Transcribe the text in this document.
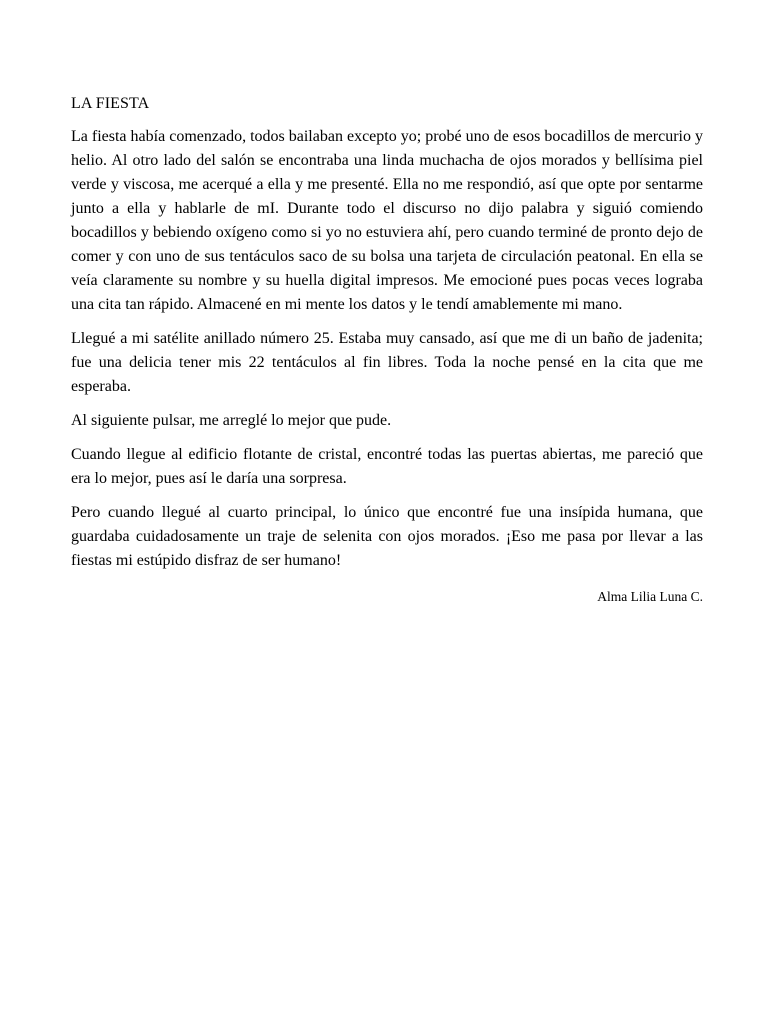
LA FIESTA

La fiesta había comenzado, todos bailaban excepto yo; probé uno de esos bocadillos de mercurio y helio. Al otro lado del salón se encontraba una linda muchacha de ojos morados y bellísima piel verde y viscosa, me acerqué a ella y me presenté. Ella no me respondió, así que opte por sentarme junto a ella y hablarle de mI. Durante todo el discurso no dijo palabra y siguió comiendo bocadillos y bebiendo oxígeno como si yo no estuviera ahí, pero cuando terminé de pronto dejo de comer y con uno de sus tentáculos saco de su bolsa una tarjeta de circulación peatonal. En ella se veía claramente su nombre y su huella digital impresos. Me emocioné pues pocas veces lograba una cita tan rápido. Almacené en mi mente los datos y le tendí amablemente mi mano.

Llegué a mi satélite anillado número 25. Estaba muy cansado, así que me di un baño de jadenita; fue una delicia tener mis 22 tentáculos al fin libres. Toda la noche pensé en la cita que me esperaba.

Al siguiente pulsar, me arreglé lo mejor que pude.

Cuando llegue al edificio flotante de cristal, encontré todas las puertas abiertas, me pareció que era lo mejor, pues así le daría una sorpresa.

Pero cuando llegué al cuarto principal, lo único que encontré fue una insípida humana, que guardaba cuidadosamente un traje de selenita con ojos morados. ¡Eso me pasa por llevar a las fiestas mi estúpido disfraz de ser humano!

Alma Lilia Luna C.
